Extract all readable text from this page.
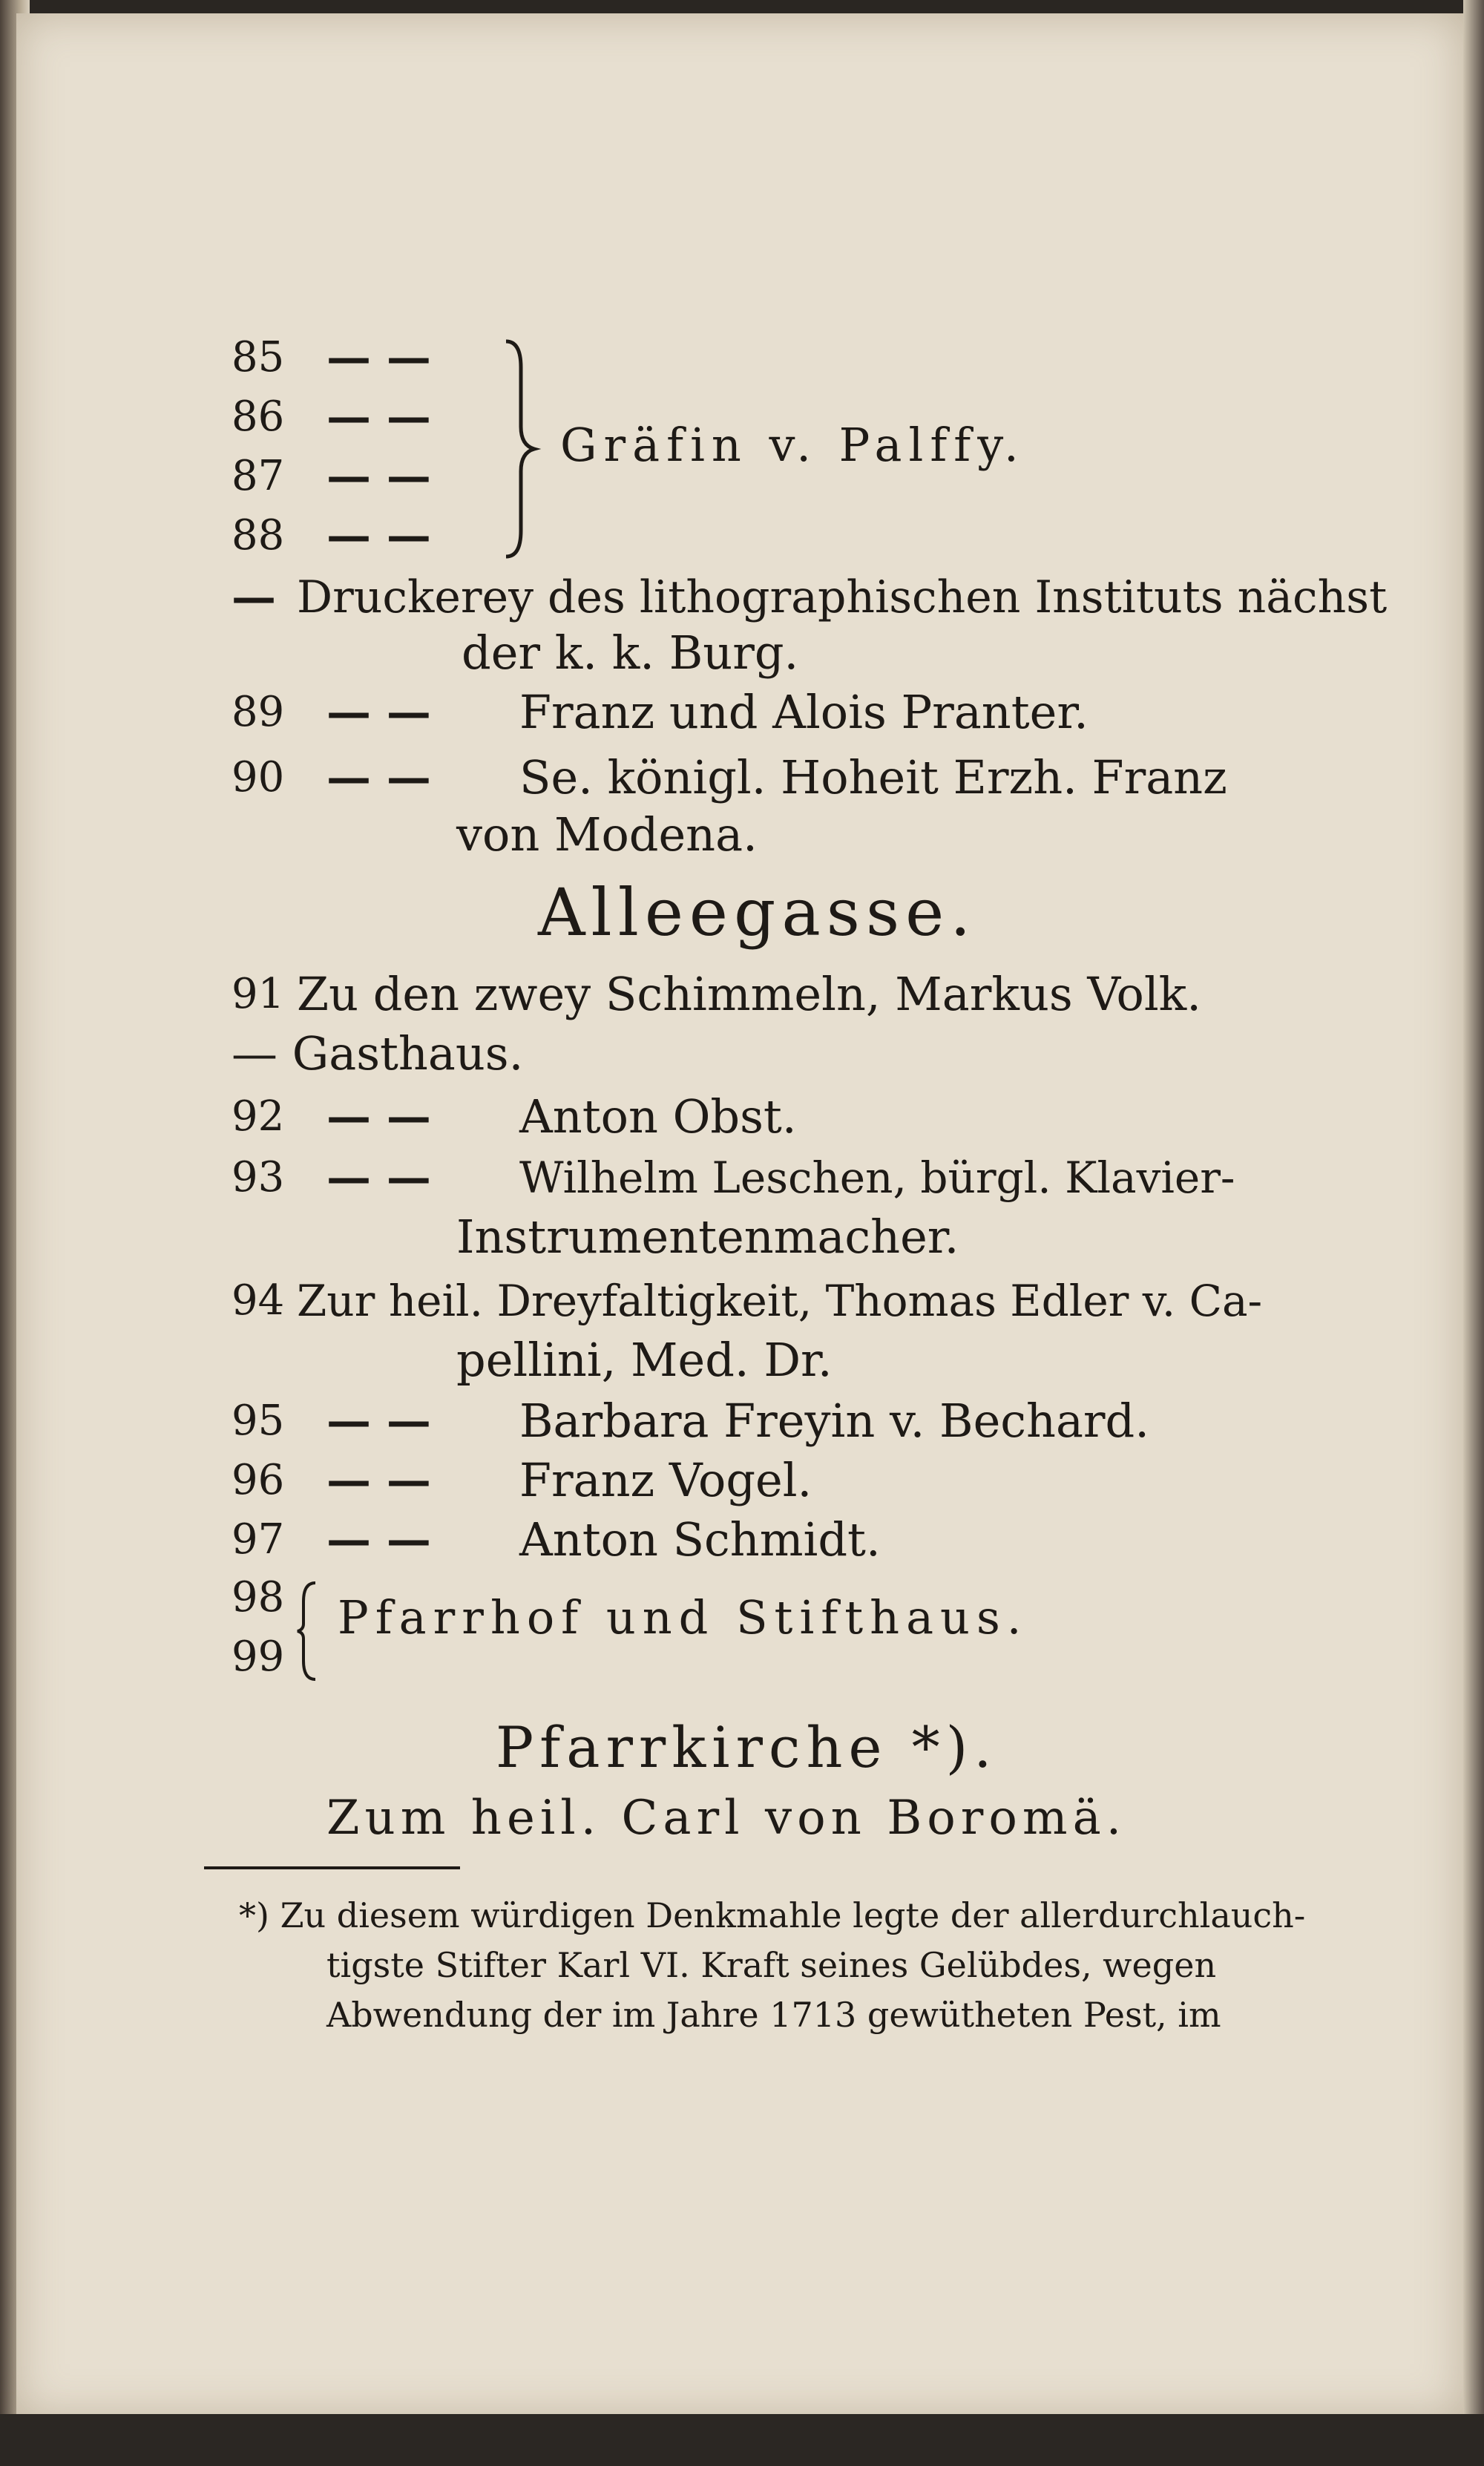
85 — —
86 — —
87 — —
88 — —
Gräfin v. Palffy.
— Druckerey des lithographischen Instituts nächst
der k. k. Burg.
89 — — Franz und Alois Pranter.
90 — — Se. königl. Hoheit Erzh. Franz
von Modena.
Alleegasse.
91 Zu den zwey Schimmeln, Markus Volk.
— Gasthaus.
92 — — Anton Obst.
93 — — Wilhelm Leschen, bürgl. Klavier-
Instrumentenmacher.
94 Zur heil. Dreyfaltigkeit, Thomas Edler v. Ca-
pellini, Med. Dr.
95 — — Barbara Freyin v. Bechard.
96 — — Franz Vogel.
97 — — Anton Schmidt.
98
99
Pfarrhof und Stifthaus.
Pfarrkirche *).
Zum heil. Carl von Boromä.
*) Zu diesem würdigen Denkmahle legte der allerdurchlauch-
tigste Stifter Karl VI. Kraft seines Gelübdes, wegen
Abwendung der im Jahre 1713 gewütheten Pest, im
